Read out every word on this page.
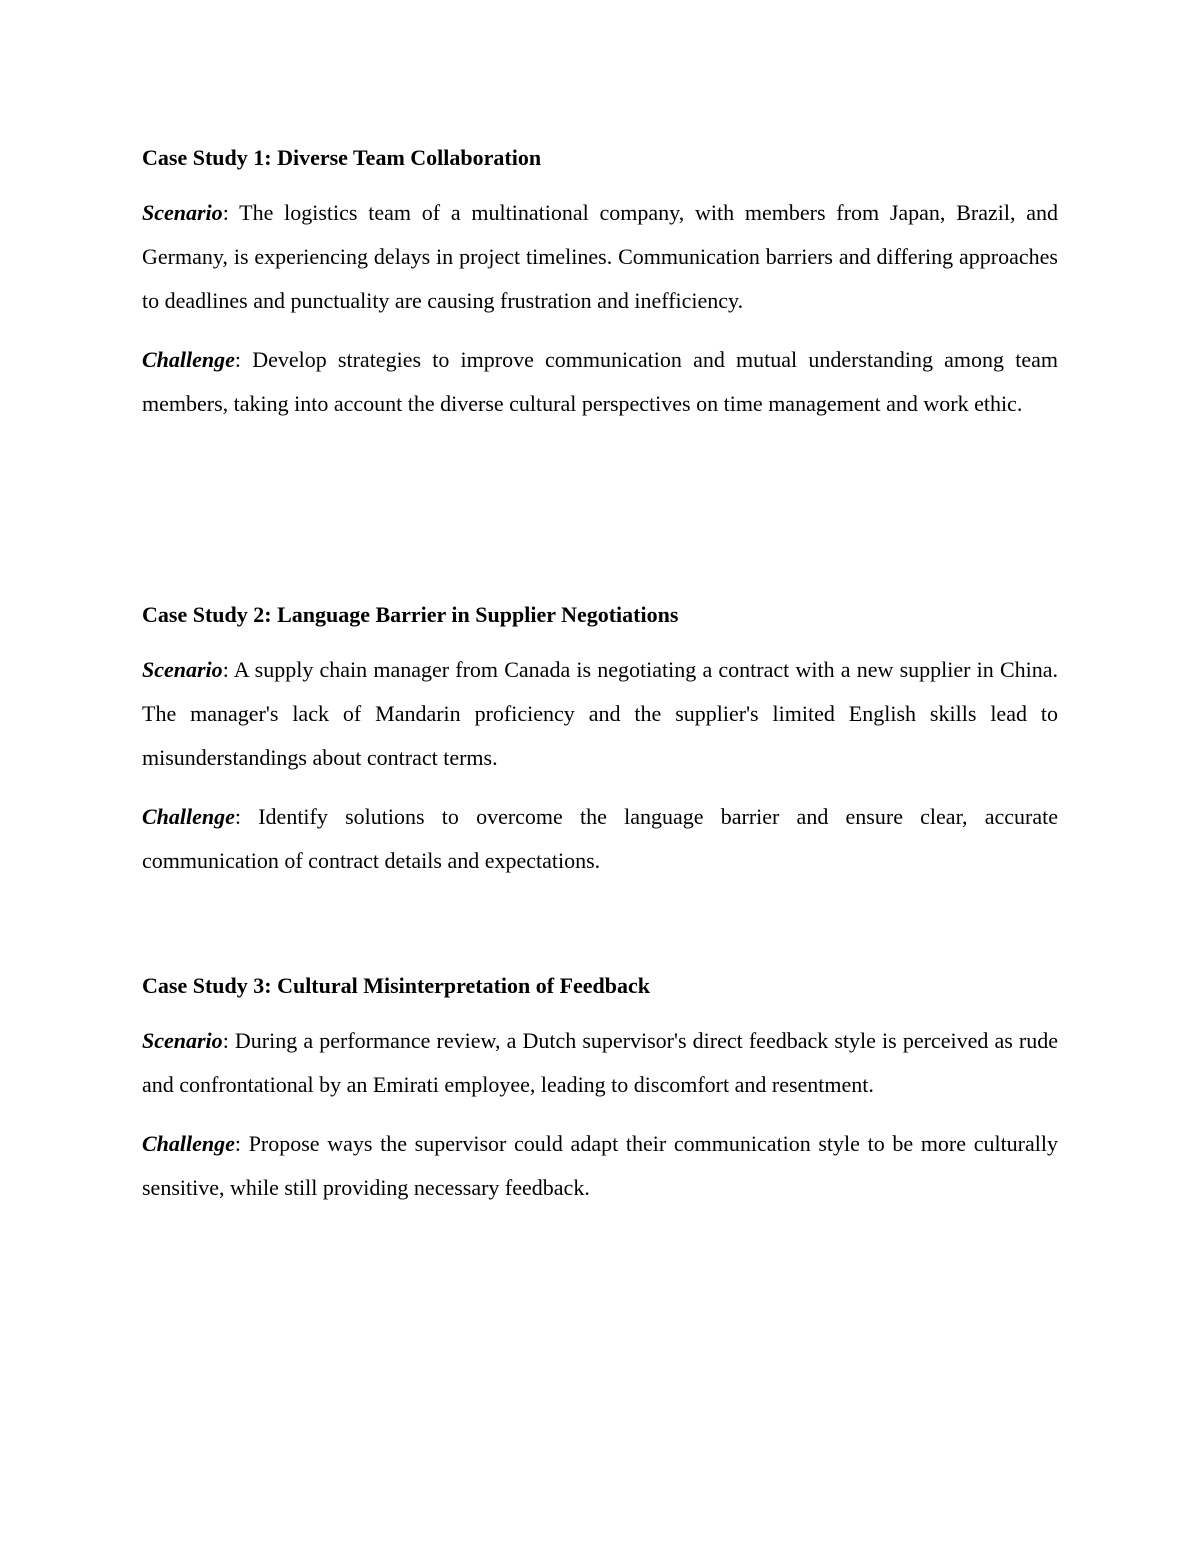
Case Study 1: Diverse Team Collaboration

Scenario: The logistics team of a multinational company, with members from Japan, Brazil, and Germany, is experiencing delays in project timelines. Communication barriers and differing approaches to deadlines and punctuality are causing frustration and inefficiency.

Challenge: Develop strategies to improve communication and mutual understanding among team members, taking into account the diverse cultural perspectives on time management and work ethic.

Case Study 2: Language Barrier in Supplier Negotiations

Scenario: A supply chain manager from Canada is negotiating a contract with a new supplier in China. The manager's lack of Mandarin proficiency and the supplier's limited English skills lead to misunderstandings about contract terms.

Challenge: Identify solutions to overcome the language barrier and ensure clear, accurate communication of contract details and expectations.

Case Study 3: Cultural Misinterpretation of Feedback

Scenario: During a performance review, a Dutch supervisor's direct feedback style is perceived as rude and confrontational by an Emirati employee, leading to discomfort and resentment.

Challenge: Propose ways the supervisor could adapt their communication style to be more culturally sensitive, while still providing necessary feedback.
